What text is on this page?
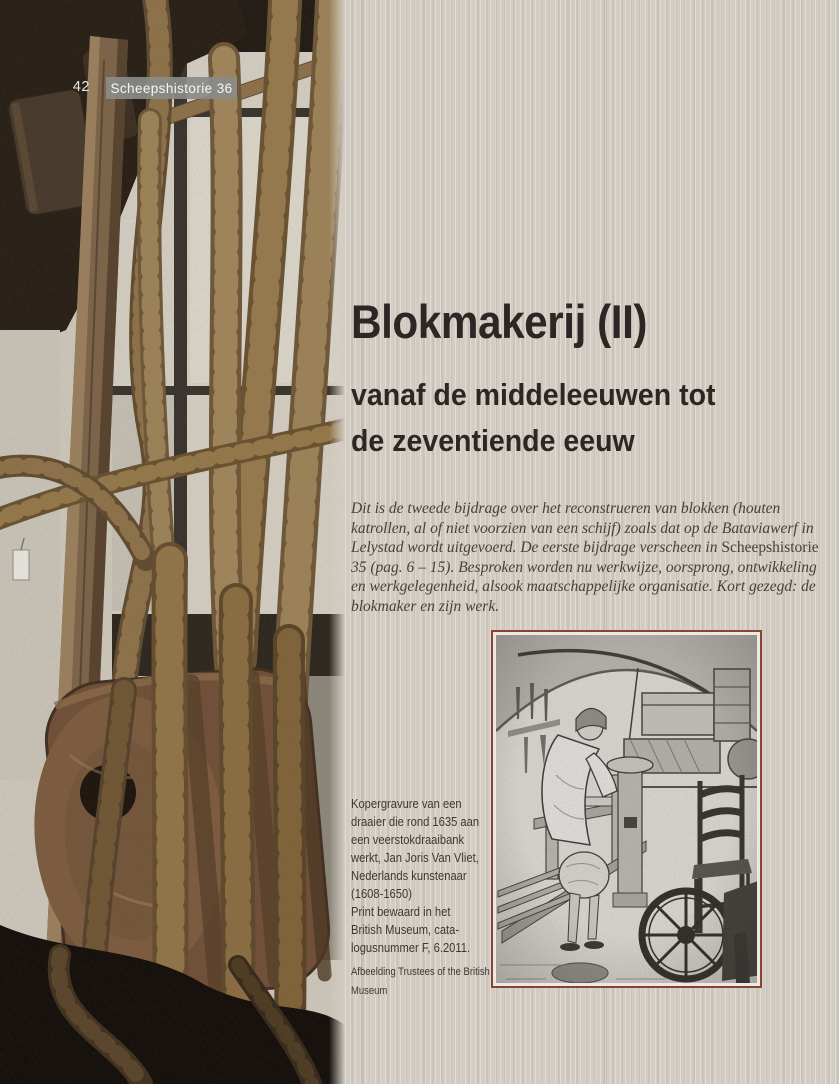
42	Scheepshistorie 36
Blokmakerij (II)
vanaf de middeleeuwen tot
de zeventiende eeuw

Dit is de tweede bijdrage over het reconstrueren van blokken (houten katrollen, al of niet voorzien van een schijf) zoals dat op de Bataviawerf in Lelystad wordt uitgevoerd. De eerste bijdrage verscheen in Scheepshistorie 35 (pag. 6 – 15). Besproken worden nu werkwijze, oorsprong, ontwikkeling en werkgelegenheid, alsook maatschappelijke organisatie. Kort gezegd: de blokmaker en zijn werk.

Kopergravure van een
draaier die rond 1635 aan
een veerstokdraaibank
werkt, Jan Joris Van Vliet,
Nederlands kunstenaar
(1608-1650)
Print bewaard in het
British Museum, cata-
logusnummer F, 6.2011.
Afbeelding Trustees of the British
Museum
